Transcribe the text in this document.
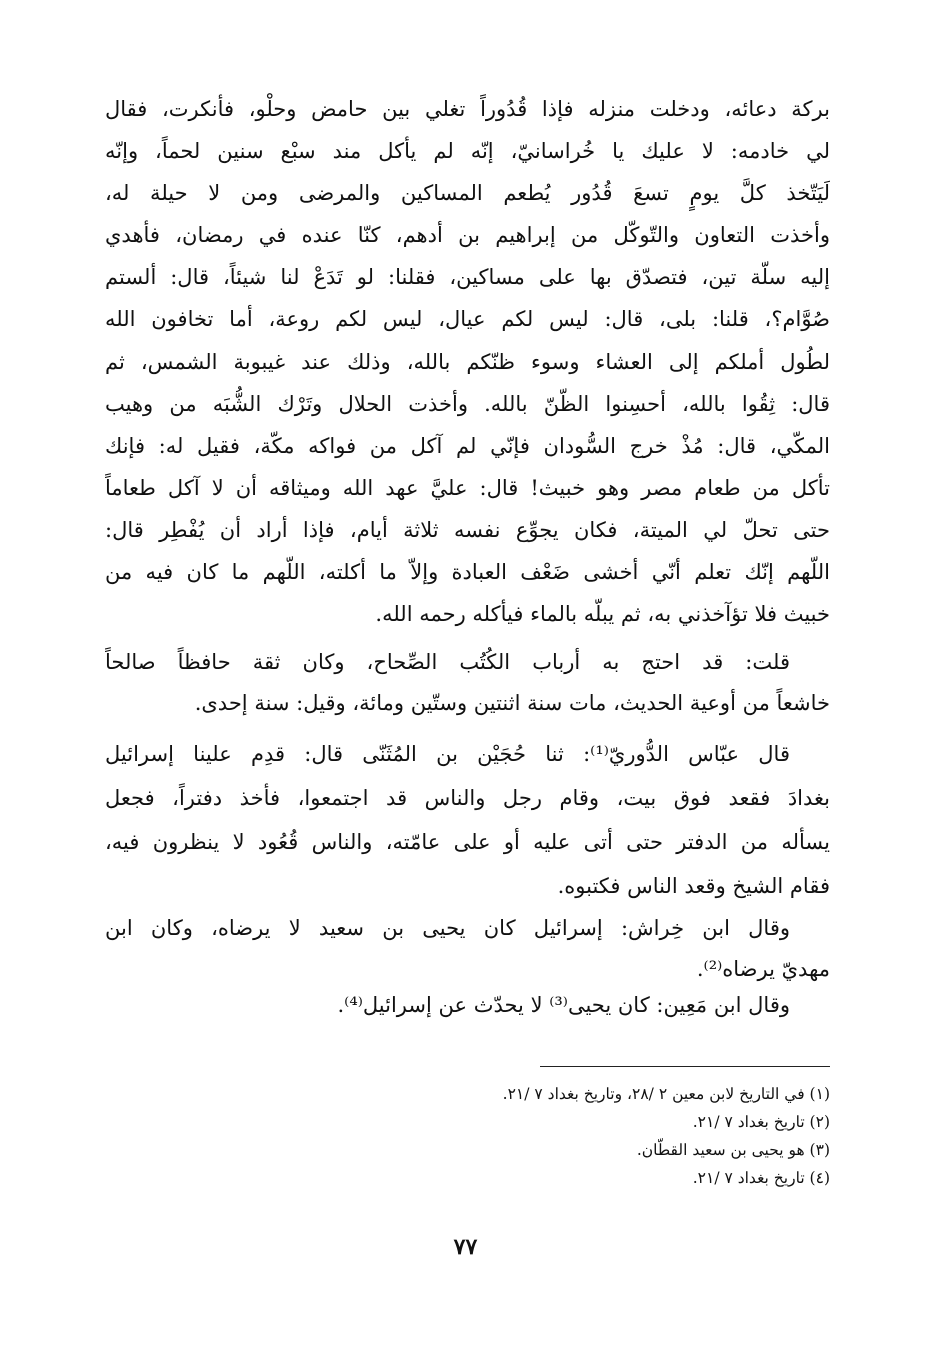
بركة دعائه، ودخلت منزله فإذا قُدُوراً تغلي بين حامض وحلْو، فأنكرت، فقال
لي خادمه: لا عليك يا خُراسانيّ، إنّه لم يأكل مند سبْع سنين لحماً، وإنّه
لَيَتّخذ كلَّ يومٍ تسعَ قُدُور يُطعم المساكين والمرضى ومن لا حيلة له،
وأخذت التعاون والتّوكّل من إبراهيم بن أدهم، كنّا عنده في رمضان، فأهدي
إليه سلّة تين، فتصدّق بها على مساكين، فقلنا: لو تَدَعْ لنا شيئاً، قال: ألستم
صُوَّام؟، قلنا: بلى، قال: ليس لكم عيال، ليس لكم روعة، أما تخافون الله
لطُول أملكم إلى العشاء وسوء ظنّكم بالله، وذلك عند غيبوبة الشمس، ثم
قال: ثِقُوا بالله، أحسِنوا الظّنّ بالله. وأخذت الحلال وتَرْك الشُّبَه من وهيب
المكّي، قال: مُذْ خرج السُّودان فإنّي لم آكل من فواكه مكّة، فقيل له: فإنك
تأكل من طعام مصر وهو خبيث! قال: عليَّ عهد الله وميثاقه أن لا آكل طعاماً
حتى تحلّ لي الميتة، فكان يجوِّع نفسه ثلاثة أيام، فإذا أراد أن يُفْطِر قال:
اللّهم إنّك تعلم أنّي أخشى ضَعْف العبادة وإلاّ ما أكلته، اللّهم ما كان فيه من
خبيث فلا تؤآخذني به، ثم يبلّه بالماء فيأكله رحمه الله.
قلت: قد احتج به أرباب الكُتُب الصِّحاح، وكان ثقة حافظاً صالحاً
خاشعاً من أوعية الحديث، مات سنة اثنتين وستّين ومائة، وقيل: سنة إحدى.
قال عبّاس الدُّوريّ⁽¹⁾: ثنا حُجَيْن بن المُثَنّى قال: قدِم علينا إسرائيل
بغدادَ فقعد فوق بيت، وقام رجل والناس قد اجتمعوا، فأخذ دفتراً، فجعل
يسأله من الدفتر حتى أتى عليه أو على عامّته، والناس قُعُود لا ينظرون فيه،
فقام الشيخ وقعد الناس فكتبوه.
وقال ابن خِراش: إسرائيل كان يحيى بن سعيد لا يرضاه، وكان ابن
مهديّ يرضاه⁽²⁾.
وقال ابن مَعِين: كان يحيى⁽³⁾ لا يحدّث عن إسرائيل⁽⁴⁾.
(١) في التاريخ لابن معين ٢ /٢٨، وتاريخ بغداد ٧ /٢١.
(٢) تاريخ بغداد ٧ /٢١.
(٣) هو يحيى بن سعيد القطّان.
(٤) تاريخ بغداد ٧ /٢١.
٧٧
